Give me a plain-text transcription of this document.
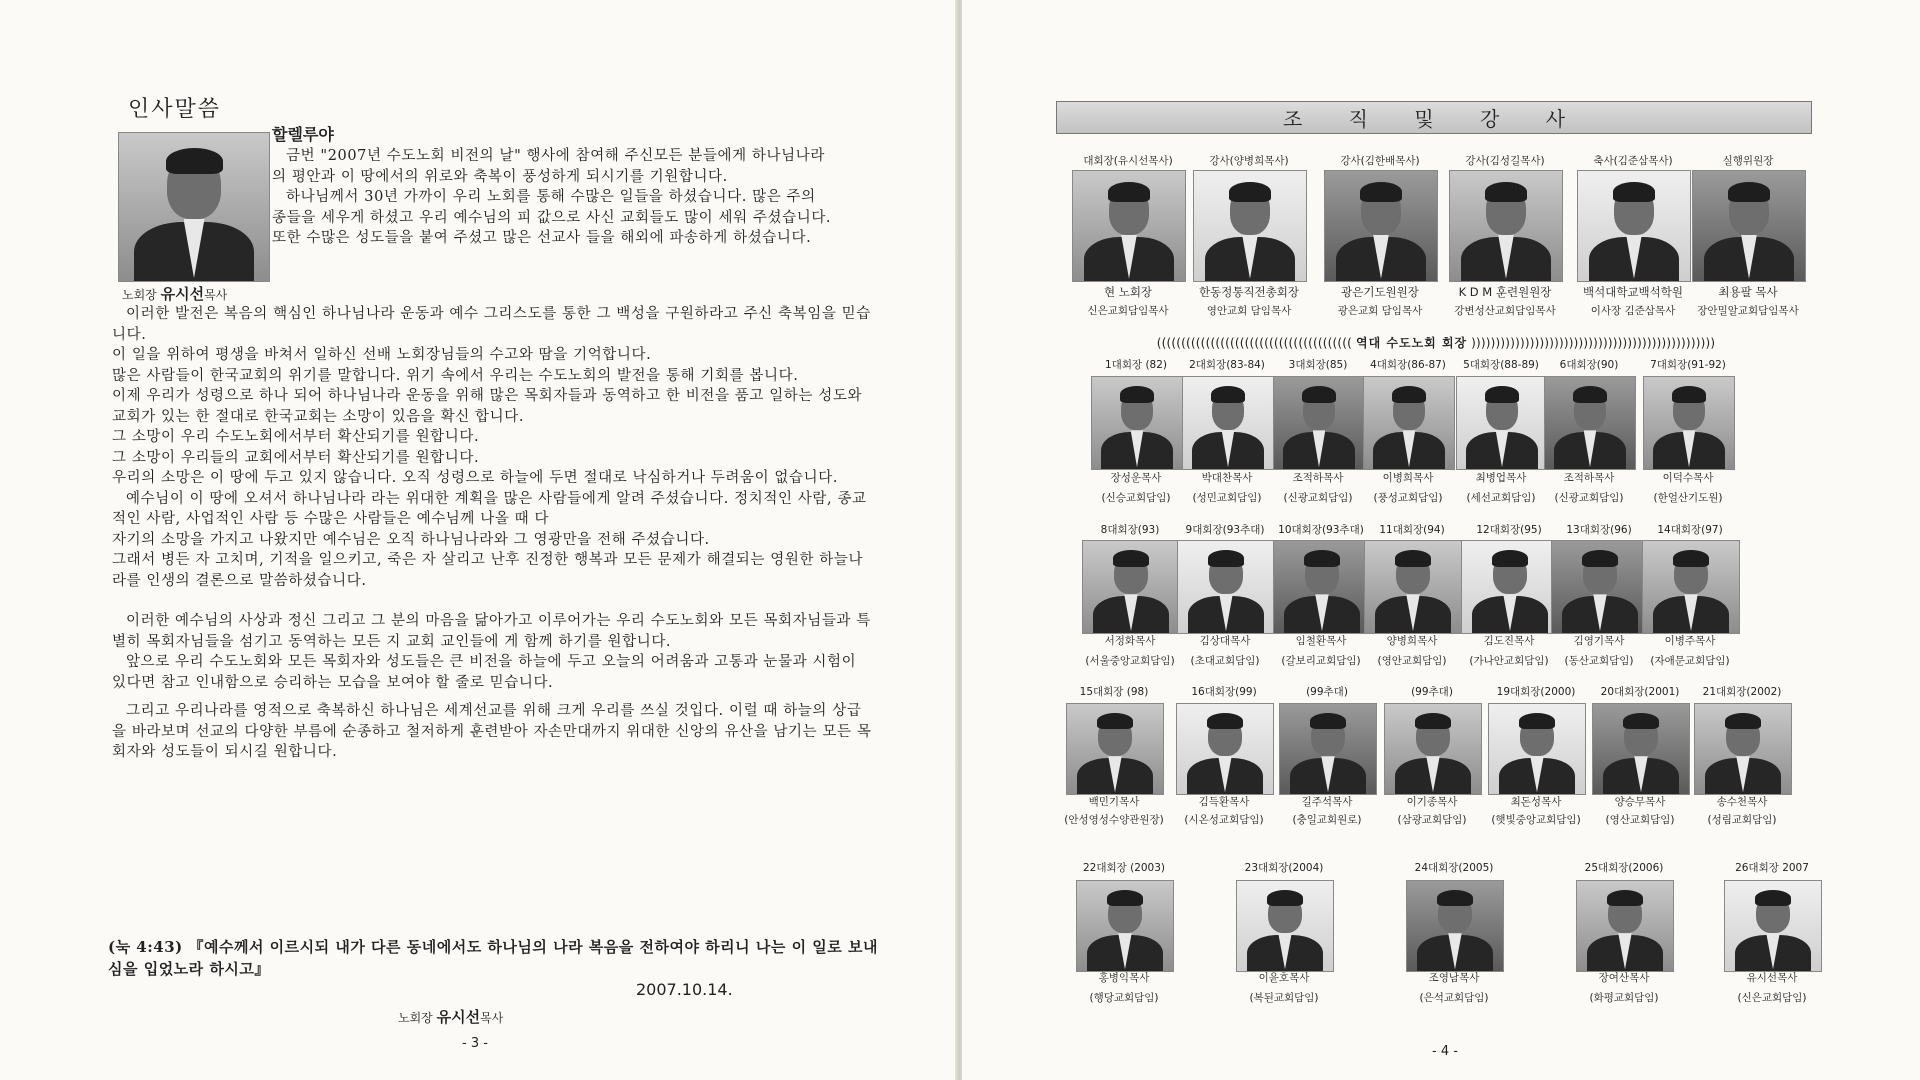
인사말씀
노회장 유시선목사
할렐루야

금번 "2007년 수도노회 비전의 날" 행사에 참여해 주신모든 분들에게 하나님나라의 평안과 이 땅에서의 위로와 축복이 풍성하게 되시기를 기원합니다.

하나님께서 30년 가까이 우리 노회를 통해 수많은 일들을 하셨습니다. 많은 주의 종들을 세우게 하셨고 우리 예수님의 피 값으로 사신 교회들도 많이 세워 주셨습니다. 또한 수많은 성도들을 붙여 주셨고 많은 선교사 들을 해외에 파송하게 하셨습니다.

이러한 발전은 복음의 핵심인 하나님나라 운동과 예수 그리스도를 통한 그 백성을 구원하라고 주신 축복임을 믿습니다.

이 일을 위하여 평생을 바쳐서 일하신 선배 노회장님들의 수고와 땀을 기억합니다.

많은 사람들이 한국교회의 위기를 말합니다. 위기 속에서 우리는 수도노회의 발전을 통해 기회를 봅니다.

이제 우리가 성령으로 하나 되어 하나님나라 운동을 위해 많은 목회자들과 동역하고 한 비전을 품고 일하는 성도와 교회가 있는 한 절대로 한국교회는 소망이 있음을 확신 합니다.

그 소망이 우리 수도노회에서부터 확산되기를 원합니다.

그 소망이 우리들의 교회에서부터 확산되기를 원합니다.

우리의 소망은 이 땅에 두고 있지 않습니다. 오직 성령으로 하늘에 두면 절대로 낙심하거나 두려움이 없습니다.

예수님이 이 땅에 오셔서 하나님나라 라는 위대한 계획을 많은 사람들에게 알려 주셨습니다. 정치적인 사람, 종교적인 사람, 사업적인 사람 등 수많은 사람들은 예수님께 나올 때 다

자기의 소망을 가지고 나왔지만 예수님은 오직 하나님나라와 그 영광만을 전해 주셨습니다.

그래서 병든 자 고치며, 기적을 일으키고, 죽은 자 살리고 난후 진정한 행복과 모든 문제가 해결되는 영원한 하늘나라를 인생의 결론으로 말씀하셨습니다.

이러한 예수님의 사상과 정신 그리고 그 분의 마음을 닮아가고 이루어가는 우리 수도노회와 모든 목회자님들과 특별히 목회자님들을 섬기고 동역하는 모든 지 교회 교인들에 게 함께 하기를 원합니다.

앞으로 우리 수도노회와 모든 목회자와 성도들은 큰 비전을 하늘에 두고 오늘의 어려움과 고통과 눈물과 시험이 있다면 참고 인내함으로 승리하는 모습을 보여야 할 줄로 믿습니다.

그리고 우리나라를 영적으로 축복하신 하나님은 세계선교를 위해 크게 우리를 쓰실 것입다. 이럴 때 하늘의 상급을 바라보며 선교의 다양한 부름에 순종하고 철저하게 훈련받아 자손만대까지 위대한 신앙의 유산을 남기는 모든 목회자와 성도들이 되시길 원합니다.

(눅 4:43) 『예수께서 이르시되 내가 다른 동네에서도 하나님의 나라 복음을 전하여야 하리니 나는 이 일로 보내심을 입었노라 하시고』
2007.10.14.
노회장 유시선목사
- 3 -
조 직 및 강 사
(((((((((((((((((((((((((((((((((((((((( 역대 수도노회 회장 ))))))))))))))))))))))))))))))))))))))))))))))))))
대회장(유시선목사)
현 노회장
신은교회담임목사
강사(양병희목사)
한동정통직전총회장
영안교회 담임목사
강사(김한배목사)
광은기도원원장
광은교회 담임목사
강사(김성길목사)
K D M 훈련원원장
강변성산교회담임목사
축사(김준삼목사)
백석대학교백석학원
이사장 김준삼목사
실행위원장
최용팔 목사
장안밀알교회담임목사
1대회장 (82)
장성운목사
(신승교회담임)
2대회장(83-84)
박대찬목사
(성민교회담임)
3대회장(85)
조적하목사
(신광교회담임)
4대회장(86-87)
이병희목사
(풍성교회담임)
5대회장(88-89)
최병업목사
(세선교회담임)
6대회장(90)
조적하목사
(신광교회담임)
7대회장(91-92)
이덕수목사
(한얼산기도원)
8대회장(93)
서정화목사
(서울중앙교회담임)
9대회장(93추대)
김상대목사
(초대교회담임)
10대회장(93추대)
임철환목사
(갈보리교회담임)
11대회장(94)
양병희목사
(영안교회담임)
12대회장(95)
김도진목사
(가나안교회담임)
13대회장(96)
김영기목사
(동산교회담임)
14대회장(97)
이병주목사
(자애문교회담임)
15대회장 (98)
백민기목사
(안성영성수양관원장)
16대회장(99)
김득환목사
(시온성교회담임)
(99추대)
길주석목사
(충일교회원로)
(99추대)
이기종목사
(삼광교회담임)
19대회장(2000)
최돈성목사
(햇빛중앙교회담임)
20대회장(2001)
양승무목사
(영산교회담임)
21대회장(2002)
송수천목사
(성림교회담임)
22대회장 (2003)
홍병익목사
(행당교회담임)
23대회장(2004)
이윤호목사
(복된교회담임)
24대회장(2005)
조영남목사
(은석교회담임)
25대회장(2006)
장여산목사
(화평교회담임)
26대회장 2007
유시선목사
(신은교회담임)
- 4 -
